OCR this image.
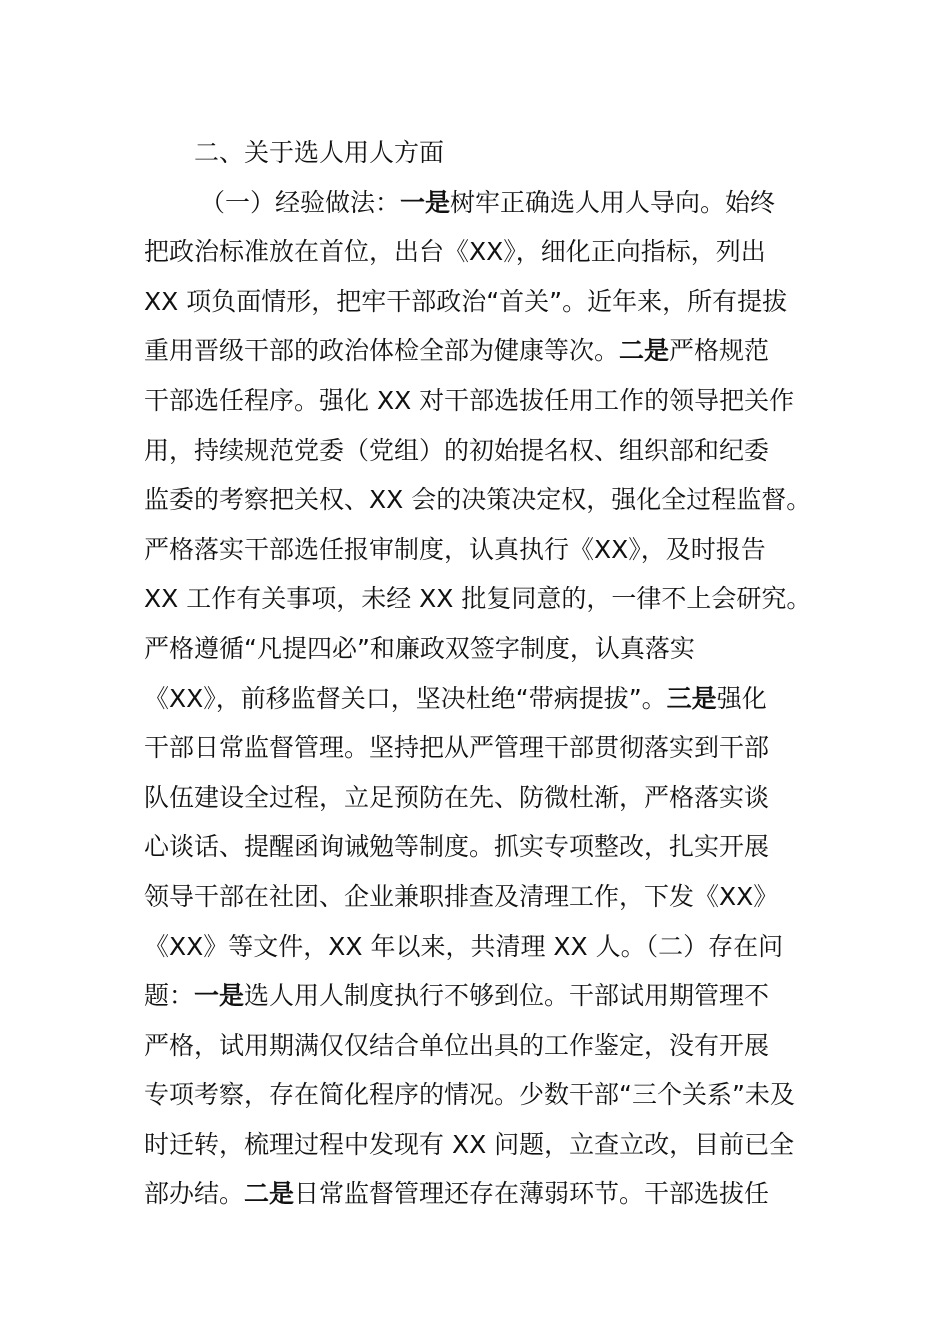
二、关于选人用人方面
（一）经验做法：一是树牢正确选人用人导向。始终
把政治标准放在首位，出台《XX》，细化正向指标，列出
XX 项负面情形，把牢干部政治“首关”。近年来，所有提拔
重用晋级干部的政治体检全部为健康等次。二是严格规范
干部选任程序。强化 XX 对干部选拔任用工作的领导把关作
用，持续规范党委（党组）的初始提名权、组织部和纪委
监委的考察把关权、XX 会的决策决定权，强化全过程监督。
严格落实干部选任报审制度，认真执行《XX》，及时报告
XX 工作有关事项，未经 XX 批复同意的，一律不上会研究。
严格遵循“凡提四必”和廉政双签字制度，认真落实
《XX》，前移监督关口，坚决杜绝“带病提拔”。三是强化
干部日常监督管理。坚持把从严管理干部贯彻落实到干部
队伍建设全过程，立足预防在先、防微杜渐，严格落实谈
心谈话、提醒函询诫勉等制度。抓实专项整改，扎实开展
领导干部在社团、企业兼职排查及清理工作，下发《XX》
《XX》等文件，XX 年以来，共清理 XX 人。（二）存在问
题：一是选人用人制度执行不够到位。干部试用期管理不
严格，试用期满仅仅结合单位出具的工作鉴定，没有开展
专项考察，存在简化程序的情况。少数干部“三个关系”未及
时迁转，梳理过程中发现有 XX 问题，立查立改，目前已全
部办结。二是日常监督管理还存在薄弱环节。干部选拔任
